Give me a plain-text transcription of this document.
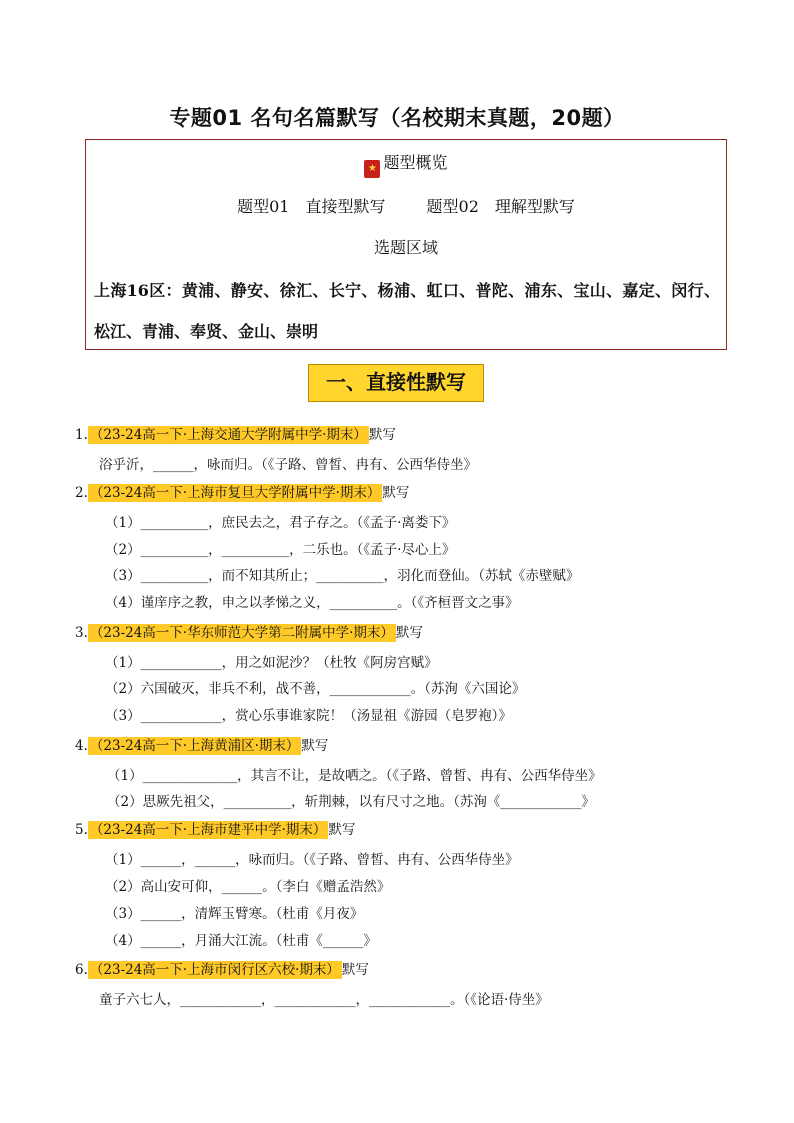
专题01 名句名篇默写（名校期末真题，20题）
★ 题型概览
题型01　直接型默写	题型02　理解型默写
选题区域
上海16区：黄浦、静安、徐汇、长宁、杨浦、虹口、普陀、浦东、宝山、嘉定、闵行、松江、青浦、奉贤、金山、崇明
一、直接性默写
1. （23-24高一下·上海交通大学附属中学·期末） 默写
浴乎沂，______，咏而归。（《子路、曾皙、冉有、公西华侍坐》
2. （23-24高一下·上海市复旦大学附属中学·期末） 默写
（1）__________，庶民去之，君子存之。（《孟子·离娄下》
（2）__________，__________，二乐也。（《孟子·尽心上》
（3）__________，而不知其所止；__________，羽化而登仙。（苏轼《赤壁赋》
（4）谨庠序之教，申之以孝悌之义，__________。（《齐桓晋文之事》
3. （23-24高一下·华东师范大学第二附属中学·期末） 默写
（1）____________，用之如泥沙？（杜牧《阿房宫赋》
（2）六国破灭，非兵不利，战不善，____________。（苏洵《六国论》
（3）____________，赏心乐事谁家院！（汤显祖《游园（皂罗袍）》
4. （23-24高一下·上海黄浦区·期末） 默写
（1）______________，其言不让，是故哂之。（《子路、曾皙、冉有、公西华侍坐》
（2）思厥先祖父，__________，斩荆棘，以有尺寸之地。（苏洵《____________》
5. （23-24高一下·上海市建平中学·期末） 默写
（1）______，______，咏而归。（《子路、曾皙、冉有、公西华侍坐》
（2）高山安可仰，______。（李白《赠孟浩然》
（3）______，清辉玉臂寒。（杜甫《月夜》
（4）______，月涌大江流。（杜甫《______》
6. （23-24高一下·上海市闵行区六校·期末） 默写
童子六七人，____________，____________，____________。（《论语·侍坐》
